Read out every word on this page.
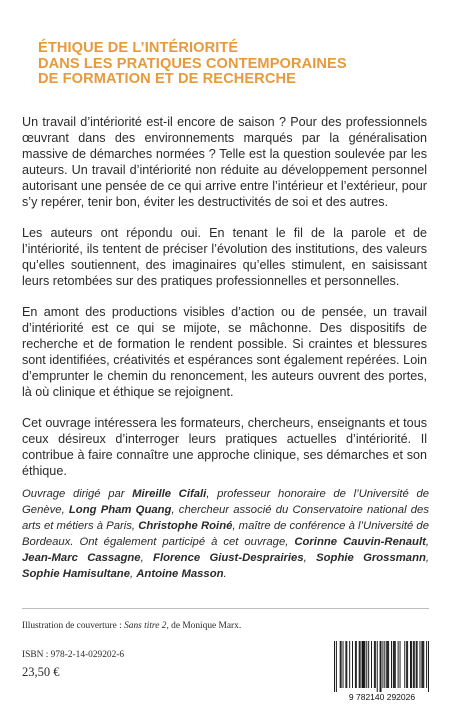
ÉTHIQUE DE L’INTÉRIORITÉ
DANS LES PRATIQUES CONTEMPORAINES
DE FORMATION ET DE RECHERCHE

Un travail d’intériorité est-il encore de saison ? Pour des professionnels œuvrant dans des environnements marqués par la généralisation massive de démarches normées ? Telle est la question soulevée par les auteurs. Un travail d’intériorité non réduite au développement personnel autorisant une pensée de ce qui arrive entre l’intérieur et l’extérieur, pour s’y repérer, tenir bon, éviter les destructivités de soi et des autres.

Les auteurs ont répondu oui. En tenant le fil de la parole et de l’intériorité, ils tentent de préciser l’évolution des institutions, des valeurs qu’elles soutiennent, des imaginaires qu’elles stimulent, en saisissant leurs retombées sur des pratiques professionnelles et personnelles.

En amont des productions visibles d’action ou de pensée, un travail d’intériorité est ce qui se mijote, se mâchonne. Des dispositifs de recherche et de formation le rendent possible. Si craintes et blessures sont identifiées, créativités et espérances sont également repérées. Loin d’emprunter le chemin du renoncement, les auteurs ouvrent des portes, là où clinique et éthique se rejoignent.

Cet ouvrage intéressera les formateurs, chercheurs, enseignants et tous ceux désireux d’interroger leurs pratiques actuelles d’intériorité. Il contribue à faire connaître une approche clinique, ses démarches et son éthique.

Ouvrage dirigé par Mireille Cifali, professeur honoraire de l’Université de Genève, Long Pham Quang, chercheur associé du Conservatoire national des arts et métiers à Paris, Christophe Roiné, maître de conférence à l’Université de Bordeaux. Ont également participé à cet ouvrage, Corinne Cauvin-Renault, Jean-Marc Cassagne, Florence Giust-Desprairies, Sophie Grossmann, Sophie Hamisultane, Antoine Masson.
Illustration de couverture : Sans titre 2, de Monique Marx.
ISBN : 978-2-14-029202-6
23,50 €
9 782140 292026
